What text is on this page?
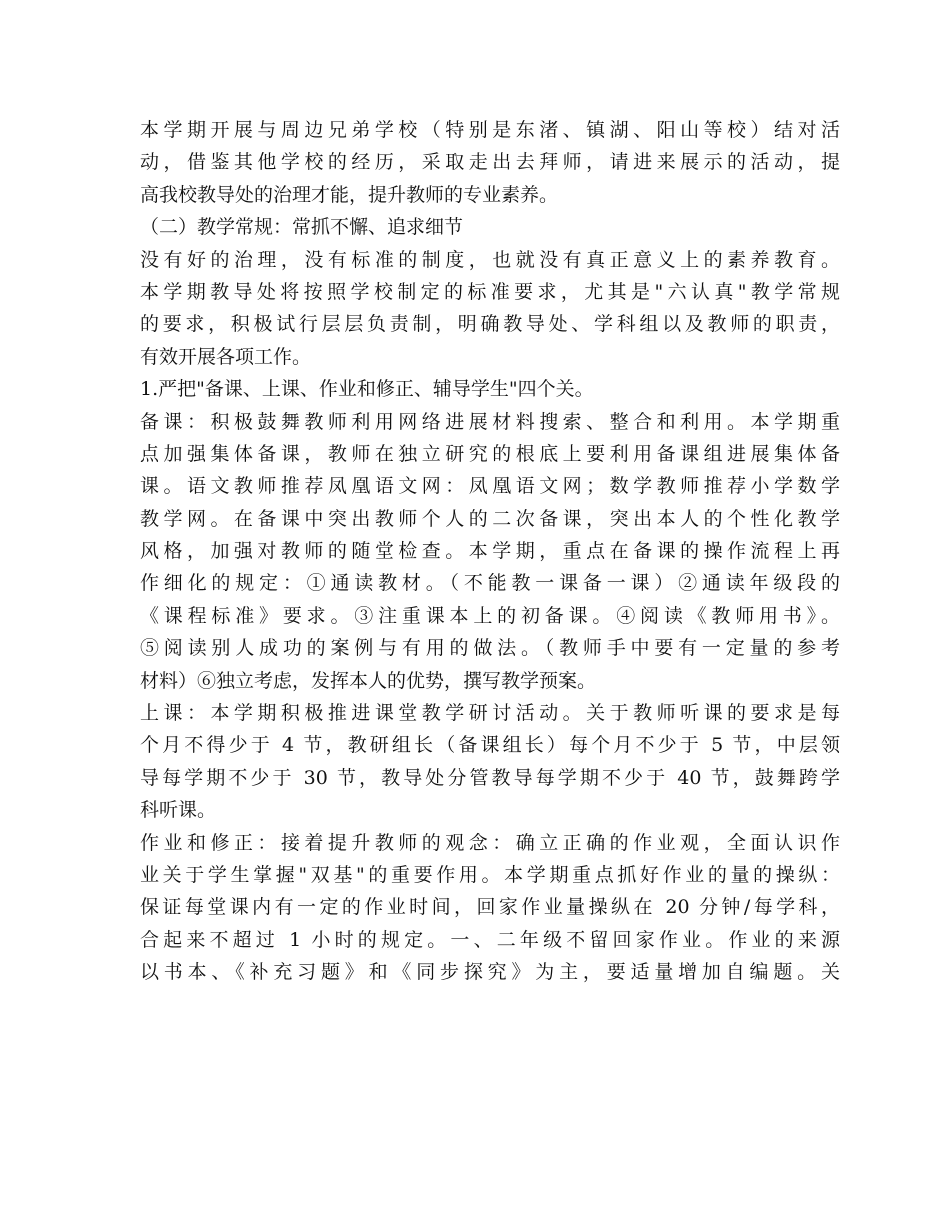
本学期开展与周边兄弟学校（特别是东渚、镇湖、阳山等校）结对活
动，借鉴其他学校的经历，采取走出去拜师，请进来展示的活动，提
高我校教导处的治理才能，提升教师的专业素养。
（二）教学常规：常抓不懈、追求细节
没有好的治理，没有标准的制度，也就没有真正意义上的素养教育。
本学期教导处将按照学校制定的标准要求，尤其是"六认真"教学常规
的要求，积极试行层层负责制，明确教导处、学科组以及教师的职责，
有效开展各项工作。
1.严把"备课、上课、作业和修正、辅导学生"四个关。
备课：积极鼓舞教师利用网络进展材料搜索、整合和利用。本学期重
点加强集体备课，教师在独立研究的根底上要利用备课组进展集体备
课。语文教师推荐凤凰语文网：凤凰语文网；数学教师推荐小学数学
教学网。在备课中突出教师个人的二次备课，突出本人的个性化教学
风格，加强对教师的随堂检查。本学期，重点在备课的操作流程上再
作细化的规定：①通读教材。（不能教一课备一课）②通读年级段的
《课程标准》要求。③注重课本上的初备课。④阅读《教师用书》。
⑤阅读别人成功的案例与有用的做法。（教师手中要有一定量的参考
材料）⑥独立考虑，发挥本人的优势，撰写教学预案。
上课：本学期积极推进课堂教学研讨活动。关于教师听课的要求是每
个月不得少于 4 节，教研组长（备课组长）每个月不少于 5 节，中层领
导每学期不少于 30 节，教导处分管教导每学期不少于 40 节，鼓舞跨学
科听课。
作业和修正：接着提升教师的观念：确立正确的作业观，全面认识作
业关于学生掌握"双基"的重要作用。本学期重点抓好作业的量的操纵：
保证每堂课内有一定的作业时间，回家作业量操纵在 20 分钟/每学科，
合起来不超过 1 小时的规定。一、二年级不留回家作业。作业的来源
以书本、《补充习题》和《同步探究》为主，要适量增加自编题。关
